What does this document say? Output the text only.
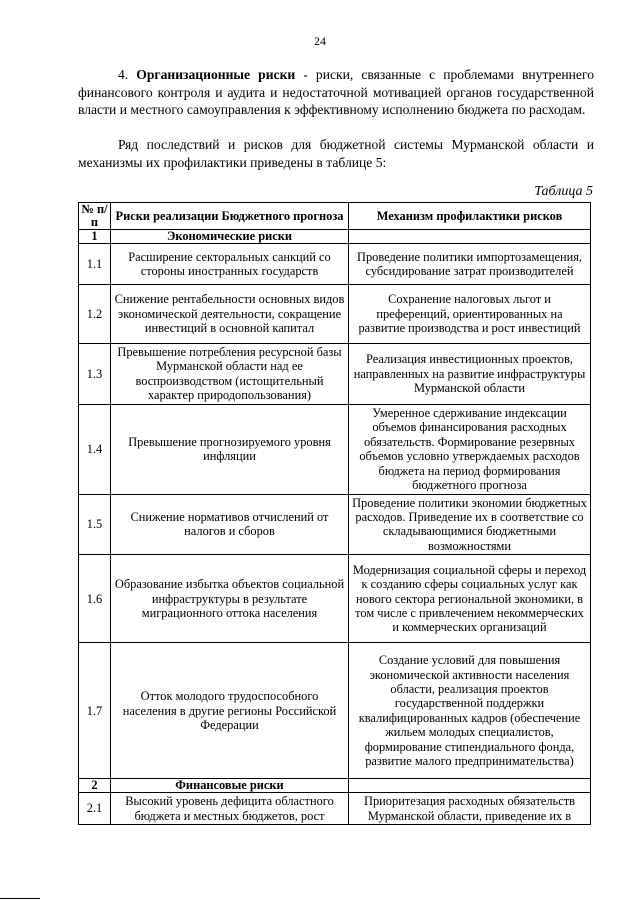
24

4. Организационные риски - риски, связанные с проблемами внутреннего финансового контроля и аудита и недостаточной мотивацией органов государственной власти и местного самоуправления к эффективному исполнению бюджета по расходам.

Ряд последствий и рисков для бюджетной системы Мурманской области и механизмы их профилактики приведены в таблице 5:

Таблица 5
№ п/п	Риски реализации Бюджетного прогноза	Механизм профилактики рисков
1	Экономические риски	
1.1	Расширение секторальных санкций со стороны иностранных государств	Проведение политики импортозамещения, субсидирование затрат производителей
1.2	Снижение рентабельности основных видов экономической деятельности, сокращение инвестиций в основной капитал	Сохранение налоговых льгот и преференций, ориентированных на развитие производства и рост инвестиций
1.3	Превышение потребления ресурсной базы Мурманской области над ее воспроизводством (истощительный характер природопользования)	Реализация инвестиционных проектов, направленных на развитие инфраструктуры Мурманской области
1.4	Превышение прогнозируемого уровня инфляции	Умеренное сдерживание индексации объемов финансирования расходных обязательств. Формирование резервных объемов условно утверждаемых расходов бюджета на период формирования бюджетного прогноза
1.5	Снижение нормативов отчислений от налогов и сборов	Проведение политики экономии бюджетных расходов. Приведение их в соответствие со складывающимися бюджетными возможностями
1.6	Образование избытка объектов социальной инфраструктуры в результате миграционного оттока населения	Модернизация социальной сферы и переход к созданию сферы социальных услуг как нового сектора региональной экономики, в том числе с привлечением некоммерческих и коммерческих организаций
1.7	Отток молодого трудоспособного населения в другие регионы Российской Федерации	Создание условий для повышения экономической активности населения области, реализация проектов государственной поддержки квалифицированных кадров (обеспечение жильем молодых специалистов, формирование стипендиального фонда, развитие малого предпринимательства)
2	Финансовые риски	
2.1	Высокий уровень дефицита областного бюджета и местных бюджетов, рост	Приоритезация расходных обязательств Мурманской области, приведение их в
